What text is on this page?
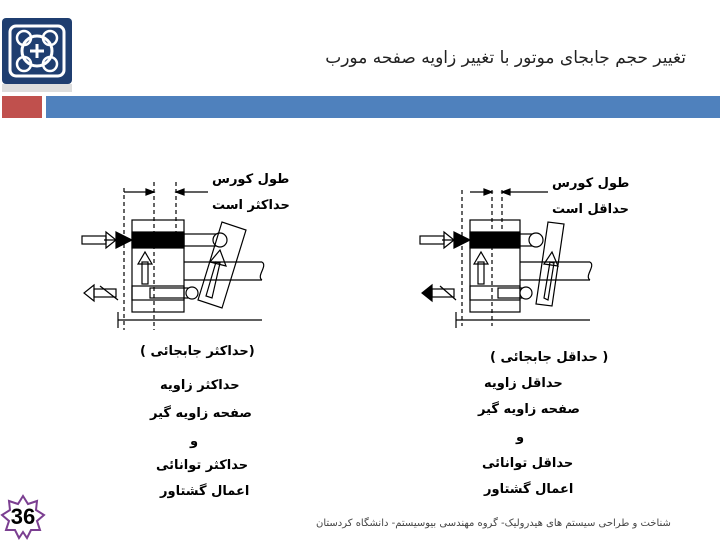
تغییر حجم جابجای موتور با تغییر زاویه صفحه مورب
طول کورس
حداکثر است
(حداکثر جابجائی )
حداکثر زاویه
صفحه زاویه گیر
و
حداکثر توانائی
اعمال گشتاور
طول کورس
حداقل است
( حداقل جابجائی )
حداقل زاویه
صفحه زاویه گیر
و
حداقل توانائی
اعمال گشتاور
36	شناخت و طراحی سیستم های هیدرولیک- گروه مهندسی بیوسیستم- دانشگاه کردستان
